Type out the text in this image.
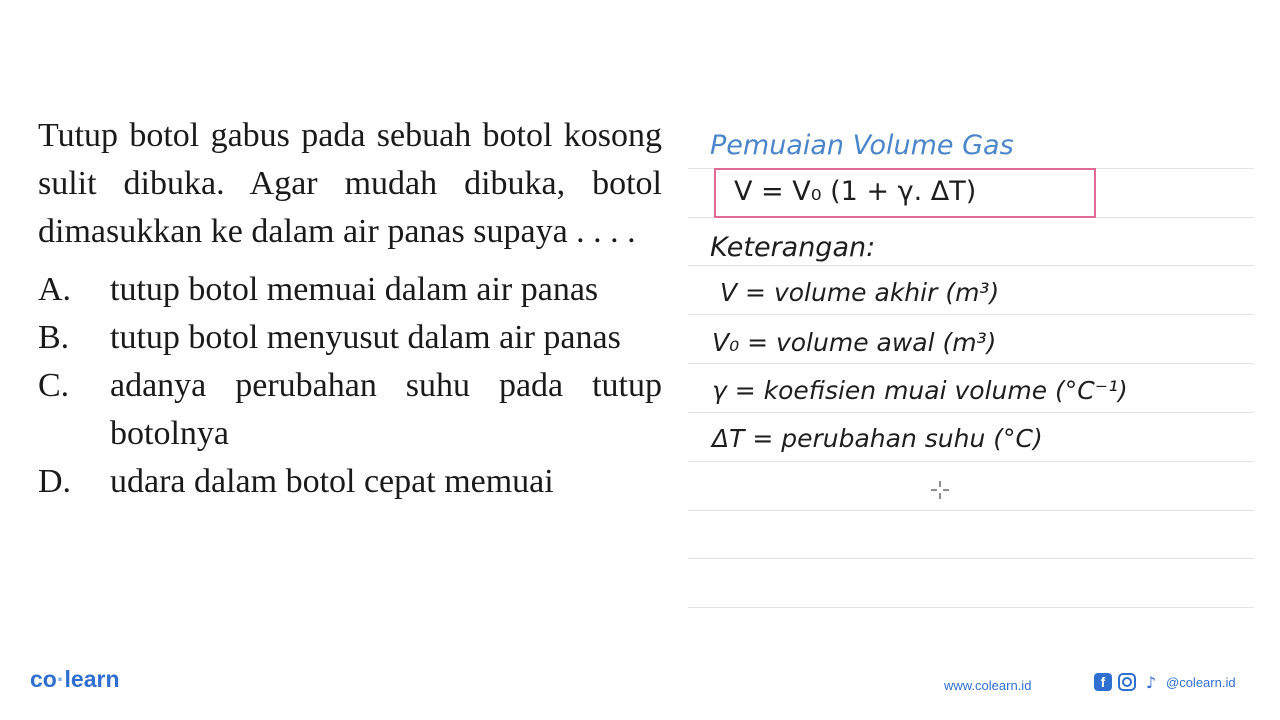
Tutup botol gabus pada sebuah botol kosong sulit dibuka. Agar mudah dibuka, botol dimasukkan ke dalam air panas supaya . . . .
A.	tutup botol memuai dalam air panas
B.	tutup botol menyusut dalam air panas
C.	adanya perubahan suhu pada tutup botolnya
D.	udara dalam botol cepat memuai
Pemuaian Volume Gas
V = V₀ (1 + γ. ΔT)
Keterangan:
V = volume akhir (m³)
V₀ = volume awal (m³)
γ = koefisien muai volume (°C⁻¹)
ΔT = perubahan suhu (°C)
co·learn	www.colearn.id	f	♪ @colearn.id
